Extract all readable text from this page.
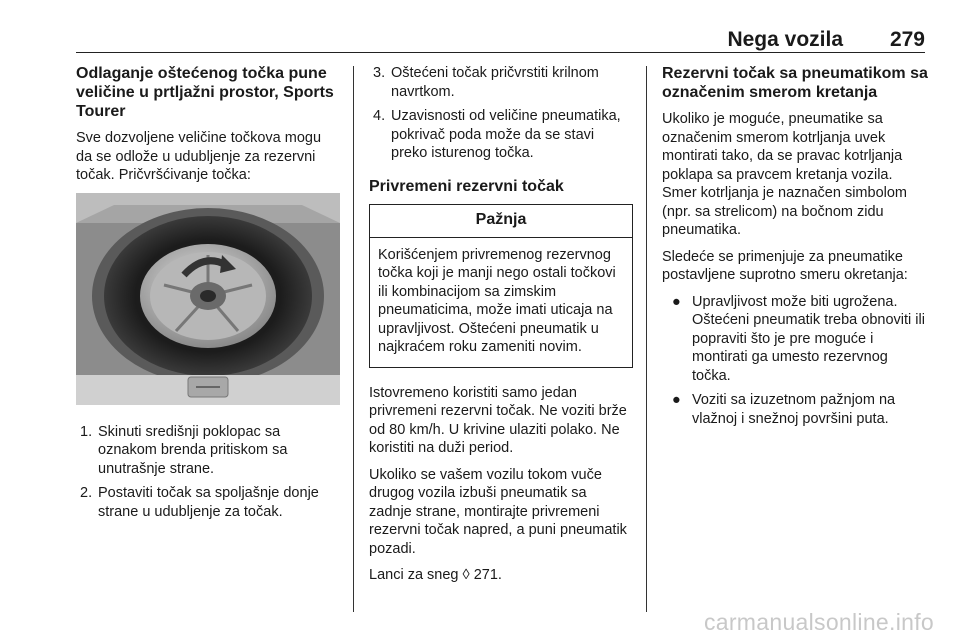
Nega vozila 279
Odlaganje oštećenog točka pune veličine u prtljažni prostor, Sports Tourer

Sve dozvoljene veličine točkova mogu da se odlože u udubljenje za rezervni točak. Pričvršćivanje točka:

1. Skinuti središnji poklopac sa oznakom brenda pritiskom sa unutrašnje strane.
2. Postaviti točak sa spoljašnje donje strane u udubljenje za točak.
3. Oštećeni točak pričvrstiti krilnom navrtkom.
4. Uzavisnosti od veličine pneumatika, pokrivač poda može da se stavi preko isturenog točka.
Privremeni rezervni točak
Pažnja
Korišćenjem privremenog rezervnog točka koji je manji nego ostali točkovi ili kombinacijom sa zimskim pneumaticima, može imati uticaja na upravljivost. Oštećeni pneumatik u najkraćem roku zameniti novim.

Istovremeno koristiti samo jedan privremeni rezervni točak. Ne voziti brže od 80 km/h. U krivine ulaziti polako. Ne koristiti na duži period.

Ukoliko se vašem vozilu tokom vuče drugog vozila izbuši pneumatik sa zadnje strane, montirajte privremeni rezervni točak napred, a puni pneumatik pozadi.

Lanci za sneg ◊ 271.

Rezervni točak sa pneumatikom sa označenim smerom kretanja

Ukoliko je moguće, pneumatike sa označenim smerom kotrljanja uvek montirati tako, da se pravac kotrljanja poklapa sa pravcem kretanja vozila. Smer kotrljanja je naznačen simbolom (npr. sa strelicom) na bočnom zidu pneumatika.

Sledeće se primenjuje za pneumatike postavljene suprotno smeru okretanja:

● Upravljivost može biti ugrožena. Oštećeni pneumatik treba obnoviti ili popraviti što je pre moguće i montirati ga umesto rezervnog točka.
● Voziti sa izuzetnom pažnjom na vlažnoj i snežnoj površini puta.
carmanualsonline.info
